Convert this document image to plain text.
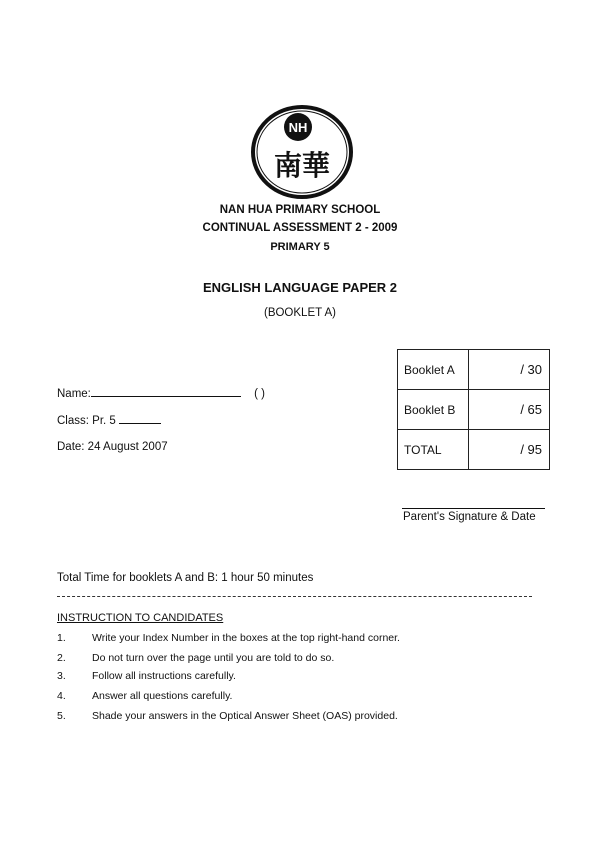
NH
南華
NAN HUA PRIMARY SCHOOL
CONTINUAL ASSESSMENT 2 - 2009
PRIMARY 5
ENGLISH LANGUAGE PAPER 2
(BOOKLET A)
Booklet A	/ 30
Booklet B	/ 65
TOTAL	/ 95
Name:	( )
Class: Pr. 5
Date: 24 August 2007
Parent's Signature & Date
Total Time for booklets A and B: 1 hour 50 minutes
INSTRUCTION TO CANDIDATES
1. Write your Index Number in the boxes at the top right-hand corner.
2. Do not turn over the page until you are told to do so.
3. Follow all instructions carefully.
4. Answer all questions carefully.
5. Shade your answers in the Optical Answer Sheet (OAS) provided.
